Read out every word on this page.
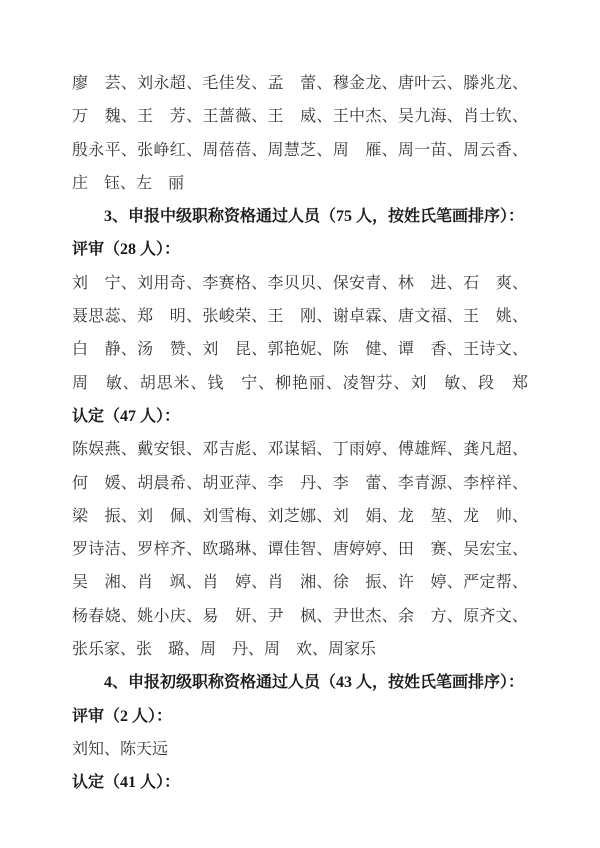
廖　芸、刘永超、毛佳发、孟　蕾、穆金龙、唐叶云、滕兆龙、
万　魏、王　芳、王蔷薇、王　威、王中杰、吴九海、肖士钦、
殷永平、张峥红、周蓓蓓、周慧芝、周　雁、周一苗、周云香、
庄　钰、左　丽
3、申报中级职称资格通过人员（75 人，按姓氏笔画排序）：
评审（28 人）：
刘　宁、刘用奇、李赛格、李贝贝、保安青、林　进、石　爽、
聂思蕊、郑　明、张峻荣、王　刚、谢卓霖、唐文福、王　姚、
白　静、汤　赞、刘　昆、郭艳妮、陈　健、谭　香、王诗文、
周　敏、胡思米、钱　宁、柳艳丽、凌智芬、刘　敏、段　郑
认定（47 人）：
陈娱燕、戴安银、邓吉彪、邓谋韬、丁雨婷、傅雄辉、龚凡超、
何　媛、胡晨希、胡亚萍、李　丹、李　蕾、李青源、李梓祥、
梁　振、刘　佩、刘雪梅、刘芝娜、刘　娟、龙　堃、龙　帅、
罗诗洁、罗梓齐、欧璐琳、谭佳智、唐婷婷、田　赛、吴宏宝、
吴　湘、肖　飒、肖　婷、肖　湘、徐　振、许　婷、严定帮、
杨春娆、姚小庆、易　妍、尹　枫、尹世杰、余　方、原齐文、
张乐家、张　璐、周　丹、周　欢、周家乐
4、申报初级职称资格通过人员（43 人，按姓氏笔画排序）：
评审（2 人）：
刘知、陈天远
认定（41 人）：
